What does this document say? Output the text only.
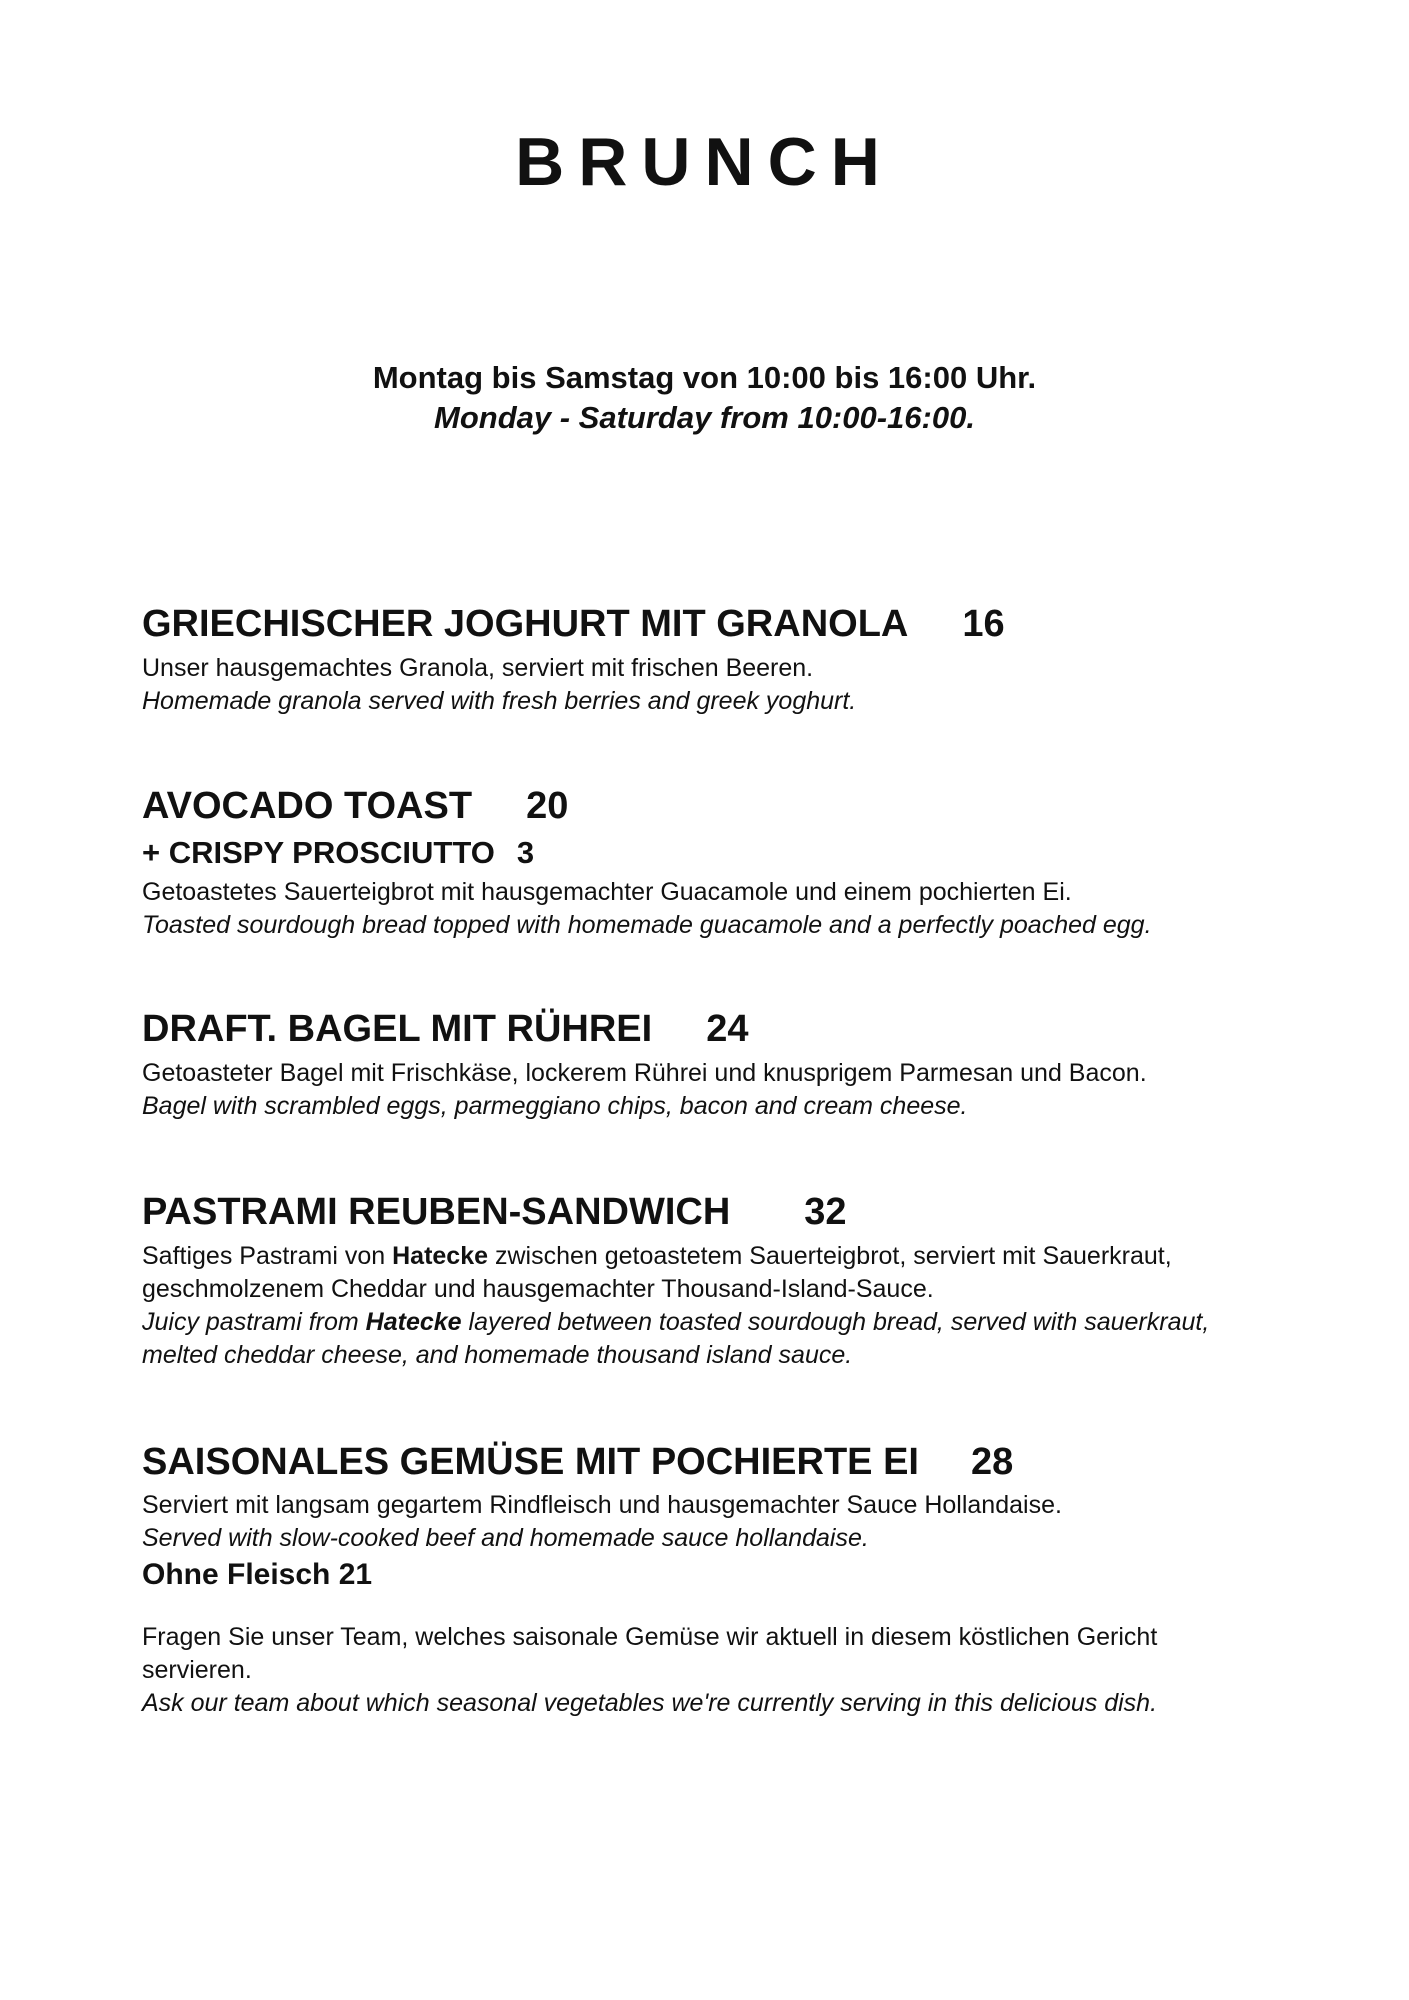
BRUNCH
Montag bis Samstag von 10:00 bis 16:00 Uhr.
Monday - Saturday from 10:00-16:00.
GRIECHISCHER JOGHURT MIT GRANOLA 16
Unser hausgemachtes Granola, serviert mit frischen Beeren.
Homemade granola served with fresh berries and greek yoghurt.
AVOCADO TOAST 20
+ CRISPY PROSCIUTTO 3
Getoastetes Sauerteigbrot mit hausgemachter Guacamole und einem pochierten Ei.
Toasted sourdough bread topped with homemade guacamole and a perfectly poached egg.
DRAFT. BAGEL MIT RÜHREI 24
Getoasteter Bagel mit Frischkäse, lockerem Rührei und knusprigem Parmesan und Bacon.
Bagel with scrambled eggs, parmeggiano chips, bacon and cream cheese.
PASTRAMI REUBEN-SANDWICH 32
Saftiges Pastrami von Hatecke zwischen getoastetem Sauerteigbrot, serviert mit Sauerkraut,
geschmolzenem Cheddar und hausgemachter Thousand-Island-Sauce.
Juicy pastrami from Hatecke layered between toasted sourdough bread, served with sauerkraut,
melted cheddar cheese, and homemade thousand island sauce.
SAISONALES GEMÜSE MIT POCHIERTE EI 28
Serviert mit langsam gegartem Rindfleisch und hausgemachter Sauce Hollandaise.
Served with slow-cooked beef and homemade sauce hollandaise.
Ohne Fleisch 21
Fragen Sie unser Team, welches saisonale Gemüse wir aktuell in diesem köstlichen Gericht
servieren.
Ask our team about which seasonal vegetables we're currently serving in this delicious dish.
